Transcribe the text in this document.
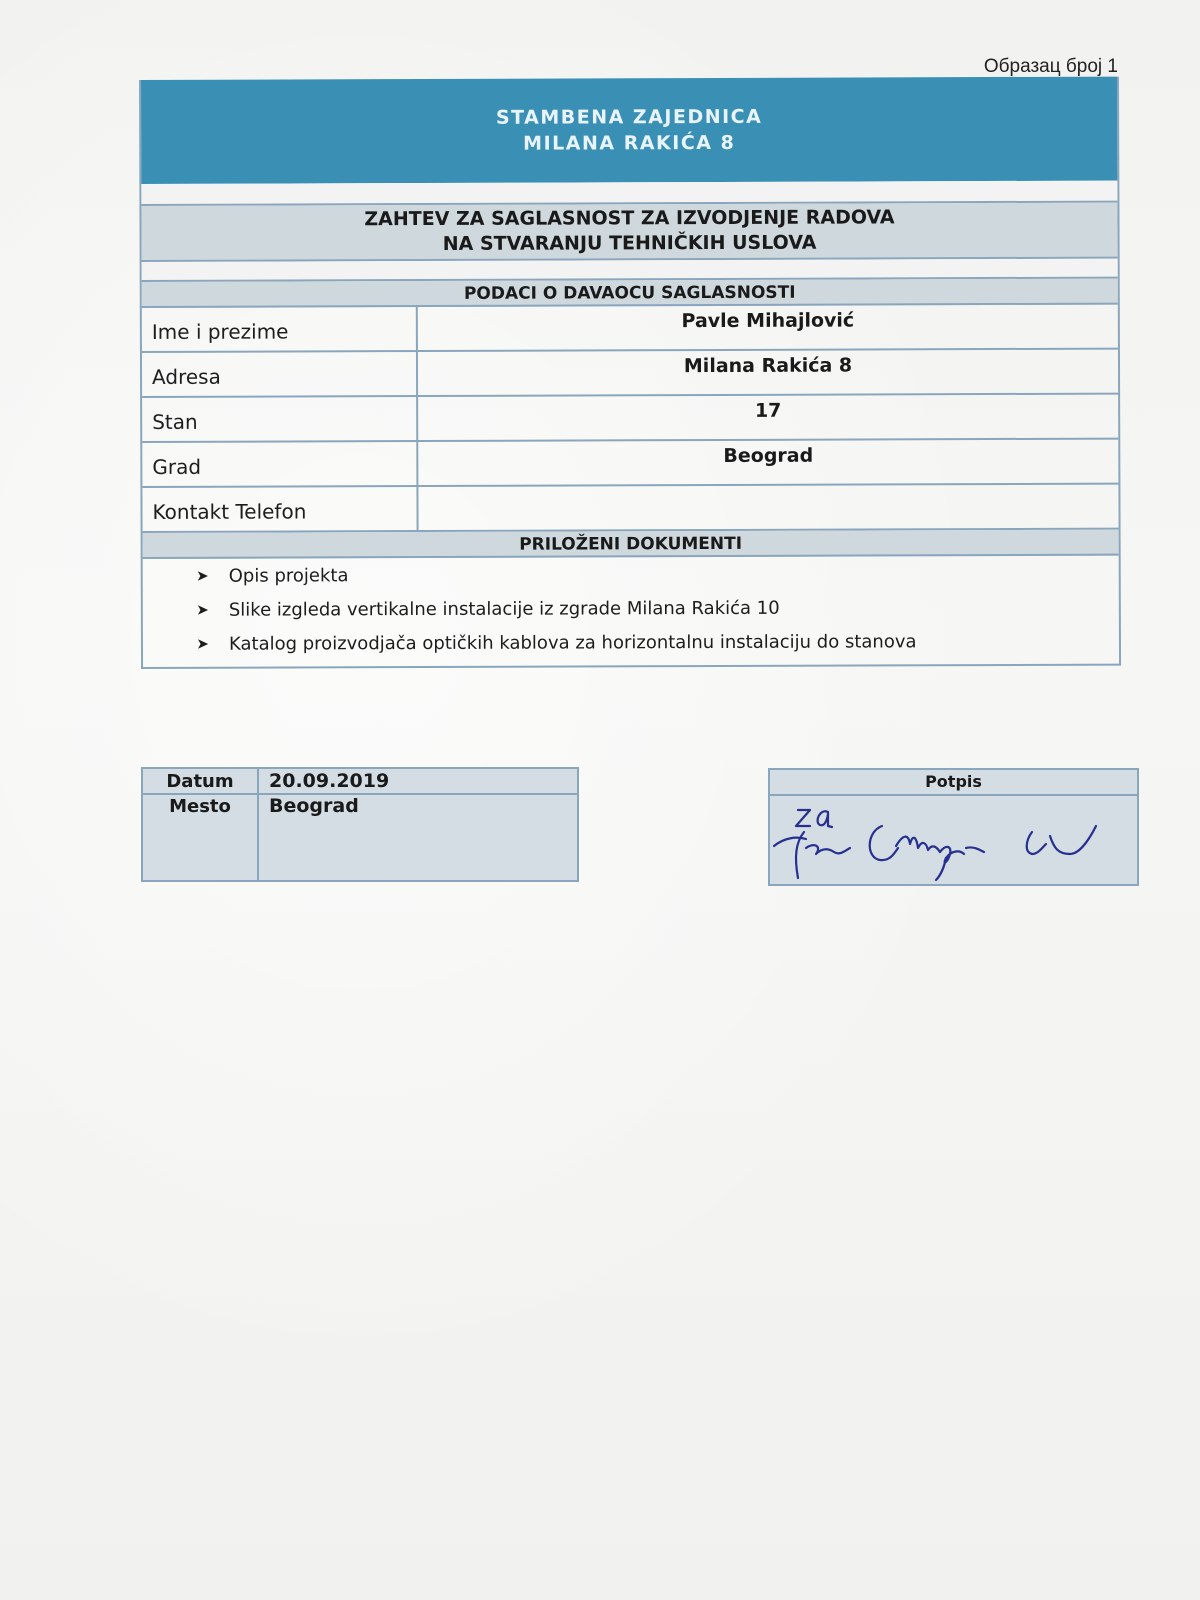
Образац број 1
STAMBENA ZAJEDNICA
MILANA RAKIĆA 8
ZAHTEV ZA SAGLASNOST ZA IZVODJENJE RADOVA
NA STVARANJU TEHNIČKIH USLOVA
PODACI O DAVAOCU SAGLASNOSTI
Ime i prezime	Pavle Mihajlović
Adresa	Milana Rakića 8
Stan	17
Grad	Beograd
Kontakt Telefon
PRILOŽENI DOKUMENTI
➤	Opis projekta
➤	Slike izgleda vertikalne instalacije iz zgrade Milana Rakića 10
➤	Katalog proizvodjača optičkih kablova za horizontalnu instalaciju do stanova
Datum	20.09.2019
Mesto	Beograd
Potpis
